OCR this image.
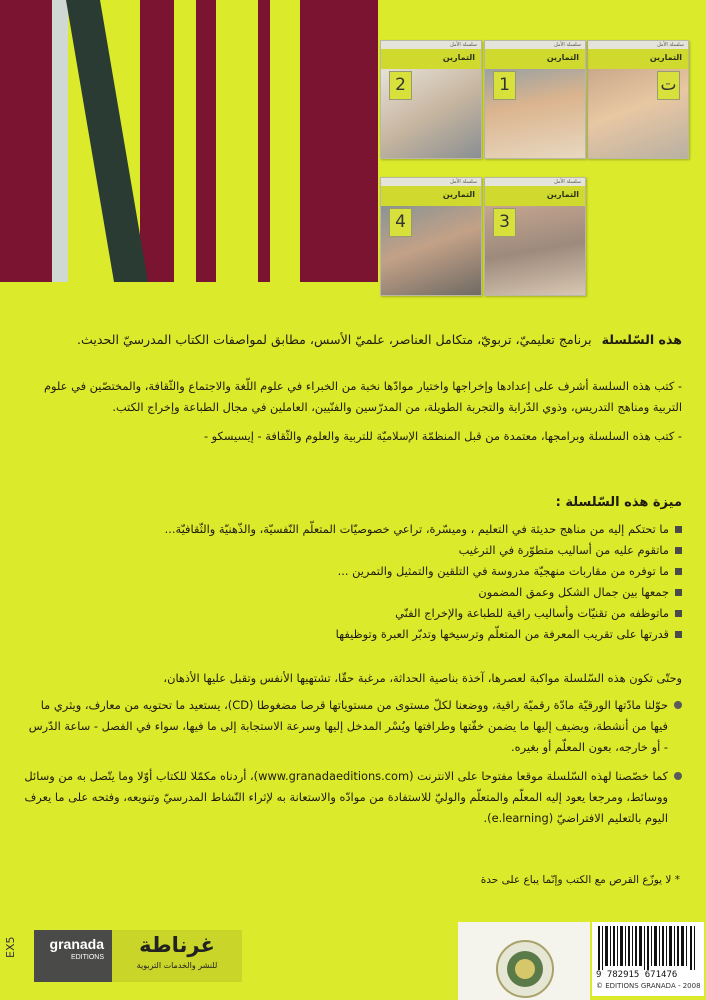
سلسلة الأمل
التمارين
ت
سلسلة الأمل
التمارين
1
سلسلة الأمل
التمارين
2
سلسلة الأمل
التمارين
3
سلسلة الأمل
التمارين
4

هذه السّلسلةبرنامج تعليميّ، تربويّ، متكامل العناصر، علميّ الأسس، مطابق لمواصفات الكتاب المدرسيّ الحديث.

- كتب هذه السلسة أشرف على إعدادها وإخراجها واختيار موادّها نخبة من الخبراء في علوم اللّغة والاجتماع والثّقافة، والمختصّين في علوم التربية ومناهج التدريس، وذوي الدّراية والتجربة الطويلة، من المدرّسين والفنّيين، العاملين في مجال الطباعة وإخراج الكتب.

- كتب هذه السلسلة وبرامجها، معتمدة من قبل المنظمّة الإسلاميّة للتربية والعلوم والثّقافة - إيسيسكو -

ميزة هذه السّلسلة :

ما تحتكم إليه من مناهج حديثة في التعليم ، وميسّرة، تراعي خصوصيّات المتعلّم النّفسيّة، والذّهنيّة والثّقافيّة...
ماتقوم عليه من أساليب متطوّرة في الترغيب
ما توفره من مقاربات منهجيّة مدروسة في التلقين والتمثيل والتمرين ...
جمعها بين جمال الشكل وعمق المضمون
ماتوظفه من تقنيّات وأساليب راقية للطباعة والإخراج الفنّي
قدرتها على تقريب المعرفة من المتعلّم وترسيخها وتدبّر العبرة وتوظيفها

وحتّى تكون هذه السّلسلة مواكبة لعصرها، آخذة بناصية الحداثة، مرغبة حقّا، تشتهيها الأنفس وتقبل عليها الأذهان،

حوّلنا مادّتها الورقيّة مادّة رقميّة راقية، ووضعنا لكلّ مستوى من مستوياتها قرصا مضغوطا (CD)، يستعيد ما تحتويه من معارف، ويثري ما فيها من أنشطة، ويضيف إليها ما يضمن خفّتها وطرافتها ويُسْر المدخل إليها وسرعة الاستجابة إلى ما فيها، سواء في الفصل - ساعة الدّرس - أو خارجه، بعون المعلّم أو بغيره.
كما خصّصنا لهذه السّلسلة موقعا مفتوحا على الانترنت (www.granadaeditions.com)، أردناه مكمّلا للكتاب أوّلا وما يتّصل به من وسائل ووسائط، ومرجعا يعود إليه المعلّم والمتعلّم والوليّ للاستفادة من موادّه والاستعانة به لإثراء النّشاط المدرسيّ وتنويعه، وفتحه على ما يعرف اليوم بالتعليم الافتراضيّ (e.learning).
* لا يوزّع القرص مع الكتب وإنّما يباع على حدة
EX5	granada
EDITIONS
غرناطة
للنشر والخدمات التربوية
9 782915 671476
© EDITIONS GRANADA - 2008
